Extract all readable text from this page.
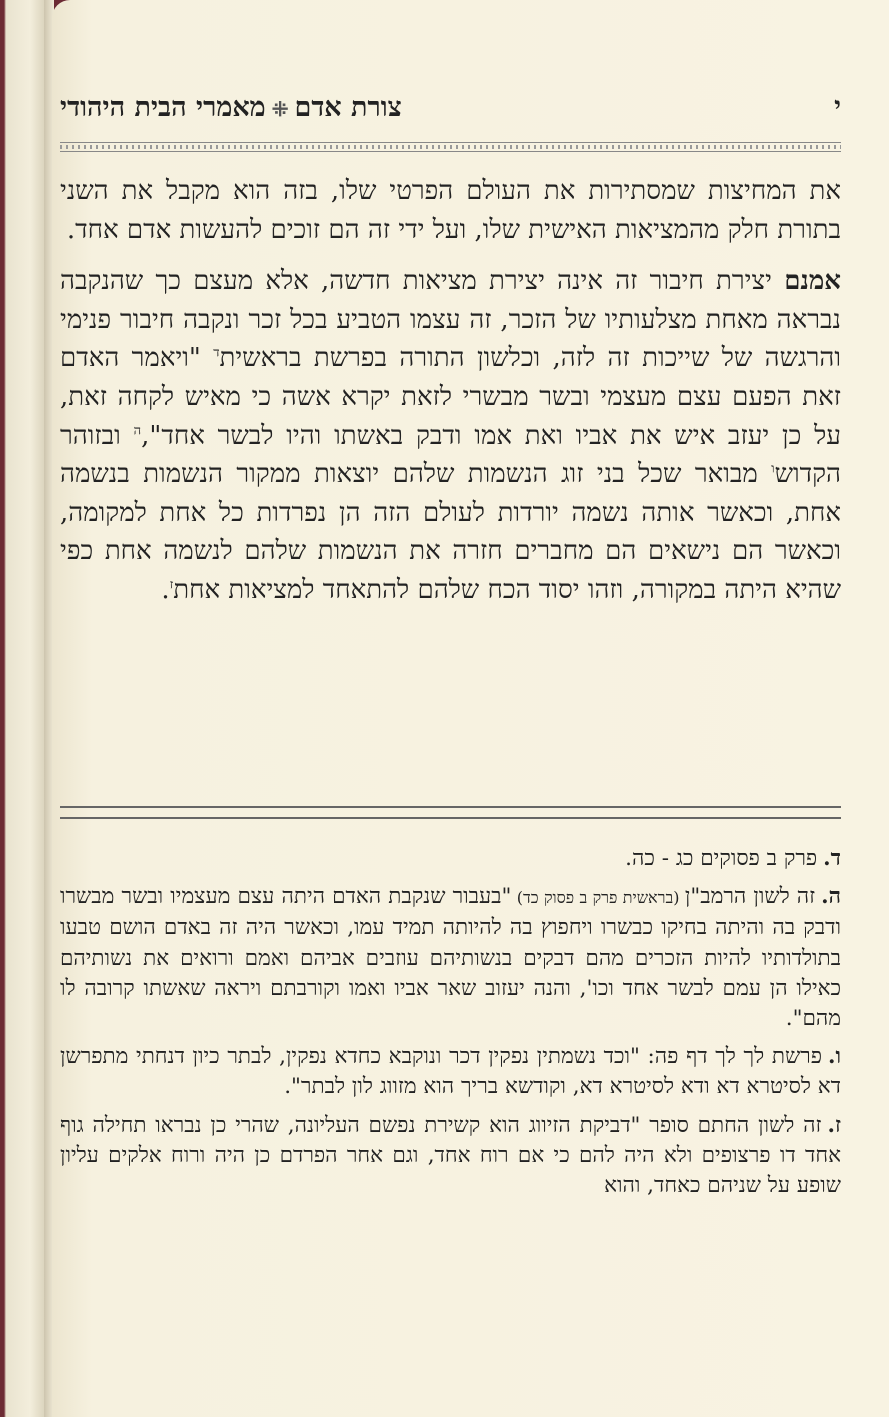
י
צורת אדם⁜מאמרי הבית היהודי

את המחיצות שמסתירות את העולם הפרטי שלו, בזה הוא מקבל את השני בתורת חלק מהמציאות האישית שלו, ועל ידי זה הם זוכים להעשות אדם אחד.

אמנם יצירת חיבור זה אינה יצירת מציאות חדשה, אלא מעצם כך שהנקבה נבראה מאחת מצלעותיו של הזכר, זה עצמו הטביע בכל זכר ונקבה חיבור פנימי והרגשה של שייכות זה לזה, וכלשון התורה בפרשת בראשית$^ד$ "ויאמר האדם זאת הפעם עצם מעצמי ובשר מבשרי לזאת יקרא אשה כי מאיש לקחה זאת, על כן יעזב איש את אביו ואת אמו ודבק באשתו והיו לבשר אחד",$^ה$ ובזוהר הקדוש$^ו$ מבואר שכל בני זוג הנשמות שלהם יוצאות ממקור הנשמות בנשמה אחת, וכאשר אותה נשמה יורדות לעולם הזה הן נפרדות כל אחת למקומה, וכאשר הם נישאים הם מחברים חזרה את הנשמות שלהם לנשמה אחת כפי שהיא היתה במקורה, וזהו יסוד הכח שלהם להתאחד למציאות אחת$^ז$.

ד.פרק ב פסוקים כג - כה.

ה.זה לשון הרמב"ן (בראשית פרק ב פסוק כד) "בעבור שנקבת האדם היתה עצם מעצמיו ובשר מבשרו ודבק בה והיתה בחיקו כבשרו ויחפוץ בה להיותה תמיד עמו, וכאשר היה זה באדם הושם טבעו בתולדותיו להיות הזכרים מהם דבקים בנשותיהם עוזבים אביהם ואמם ורואים את נשותיהם כאילו הן עמם לבשר אחד וכו', והנה יעזוב שאר אביו ואמו וקורבתם ויראה שאשתו קרובה לו מהם".

ו.פרשת לך לך דף פה: "וכד נשמתין נפקין דכר ונוקבא כחדא נפקין, לבתר כיון דנחתי מתפרשן דא לסיטרא דא ודא לסיטרא דא, וקודשא בריך הוא מזווג לון לבתר".

ז.זה לשון החתם סופר "דביקת הזיווג הוא קשירת נפשם העליונה, שהרי כן נבראו תחילה גוף אחד דו פרצופים ולא היה להם כי אם רוח אחד, וגם אחר הפרדם כן היה ורוח אלקים עליון שופע על שניהם כאחד, והוא
